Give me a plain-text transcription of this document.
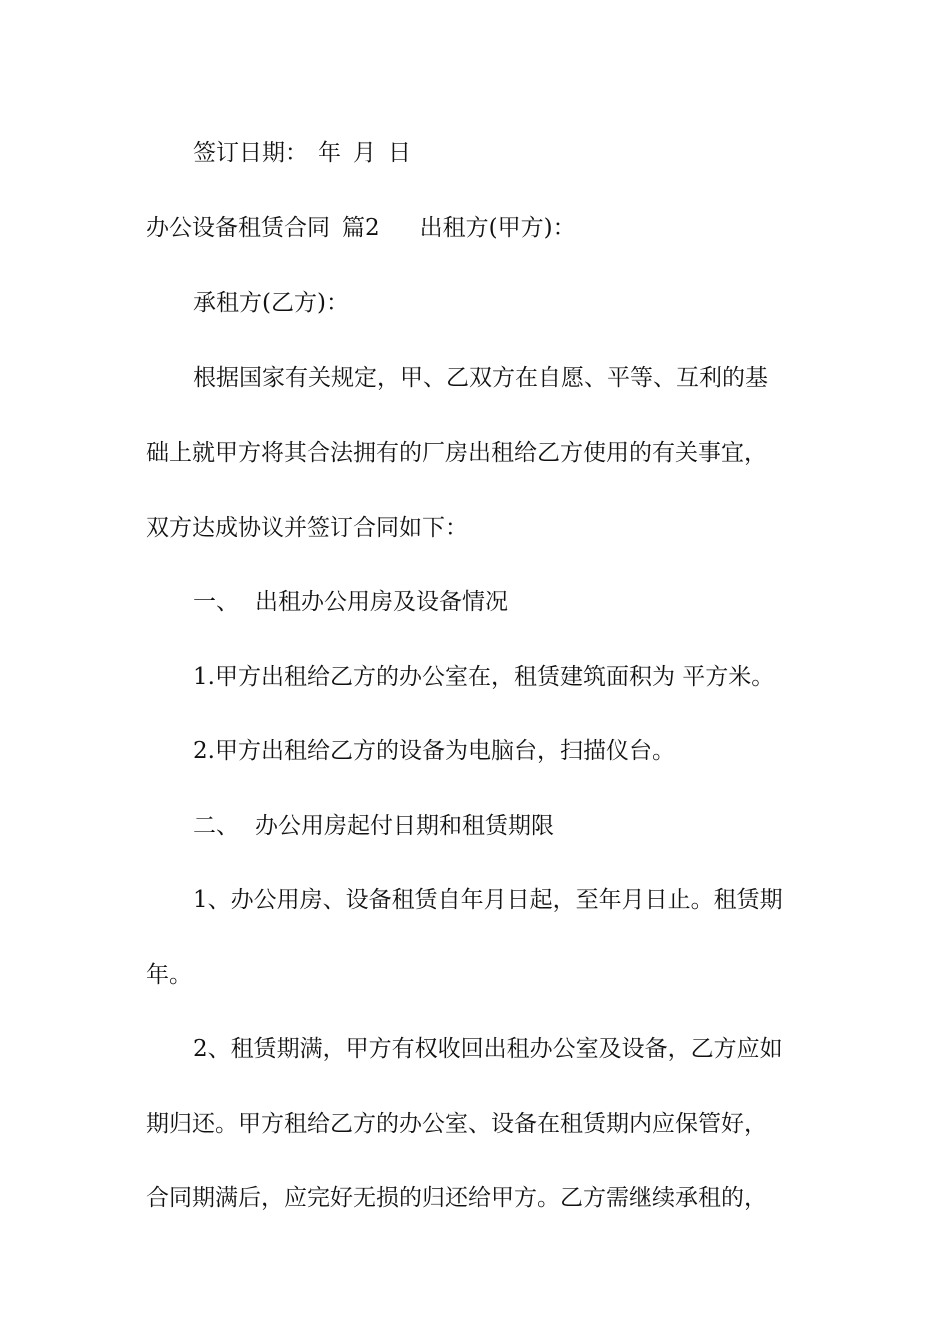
签订日期： 年 月 日
办公设备租赁合同 篇2 出租方(甲方)：
承租方(乙方)：
根据国家有关规定，甲、乙双方在自愿、平等、互利的基
础上就甲方将其合法拥有的厂房出租给乙方使用的有关事宜，
双方达成协议并签订合同如下：
一、 出租办公用房及设备情况
1.甲方出租给乙方的办公室在，租赁建筑面积为 平方米。
2.甲方出租给乙方的设备为电脑台，扫描仪台。
二、 办公用房起付日期和租赁期限
1、办公用房、设备租赁自年月日起，至年月日止。租赁期
年。
2、租赁期满，甲方有权收回出租办公室及设备，乙方应如
期归还。甲方租给乙方的办公室、设备在租赁期内应保管好，
合同期满后，应完好无损的归还给甲方。乙方需继续承租的，
